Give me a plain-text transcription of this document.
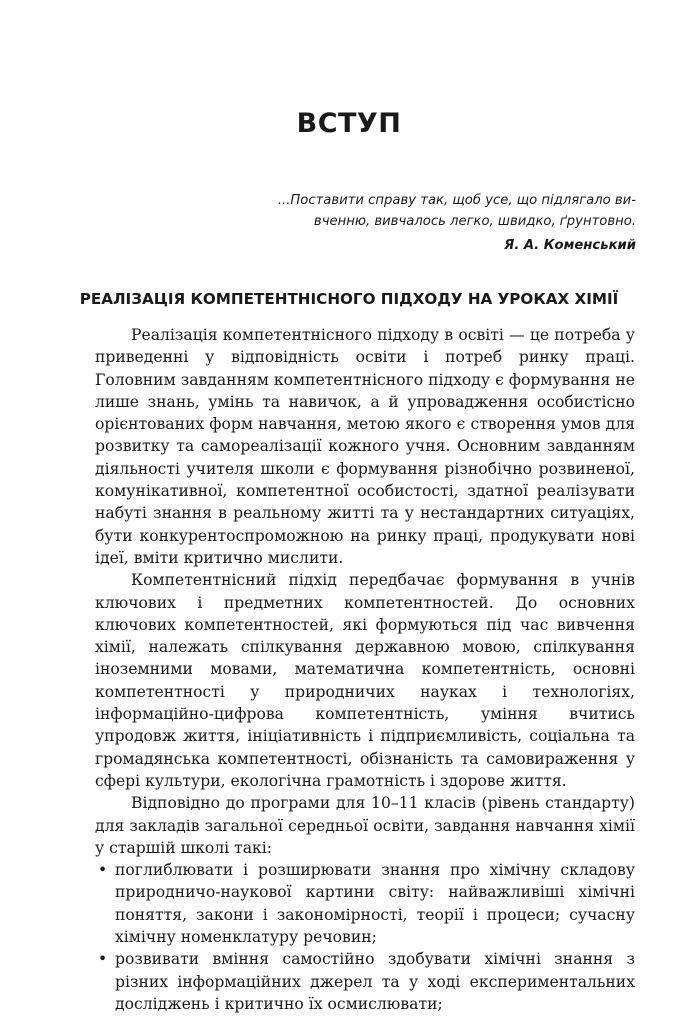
ВСТУП

...Поставити справу так, щоб усе, що підлягало ви-
вченню, вивчалось легко, швидко, ґрунтовно.

Я. А. Коменський

РЕАЛІЗАЦІЯ КОМПЕТЕНТНІСНОГО ПІДХОДУ НА УРОКАХ ХІМІЇ

Реалізація компетентнісного підходу в освіті — це потреба у приведенні у відповідність освіти і потреб ринку праці. Головним завданням компетентнісного підходу є формування не лише знань, умінь та навичок, а й упровадження особистісно орієнтованих форм навчання, метою якого є створення умов для розвитку та самореалізації кожного учня. Основним завданням діяльності учителя школи є формування різнобічно розвиненої, комунікативної, компетентної особистості, здатної реалізувати набуті знання в реальному житті та у нестандартних ситуаціях, бути конкурентоспроможною на ринку праці, продукувати нові ідеї, вміти критично мислити.

Компетентнісний підхід передбачає формування в учнів ключових і предметних компетентностей. До основних ключових компетентностей, які формуються під час вивчення хімії, належать спілкування державною мовою, спілкування іноземними мовами, математична компетентність, основні компетентності у природничих науках і технологіях, інформаційно-цифрова компетентність, уміння вчитись упродовж життя, ініціативність і підприємливість, соціальна та громадянська компетентності, обізнаність та самовираження у сфері культури, екологічна грамотність і здорове життя.

Відповідно до програми для 10–11 класів (рівень стандарту) для закладів загальної середньої освіти, завдання навчання хімії у старшій школі такі:

• поглиблювати і розширювати знання про хімічну складову природничо-наукової картини світу: найважливіші хімічні поняття, закони і закономірності, теорії і процеси; сучасну хімічну номенклатуру речовин;
• розвивати вміння самостійно здобувати хімічні знання з різних інформаційних джерел та у ході експериментальних досліджень і критично їх осмислювати;
